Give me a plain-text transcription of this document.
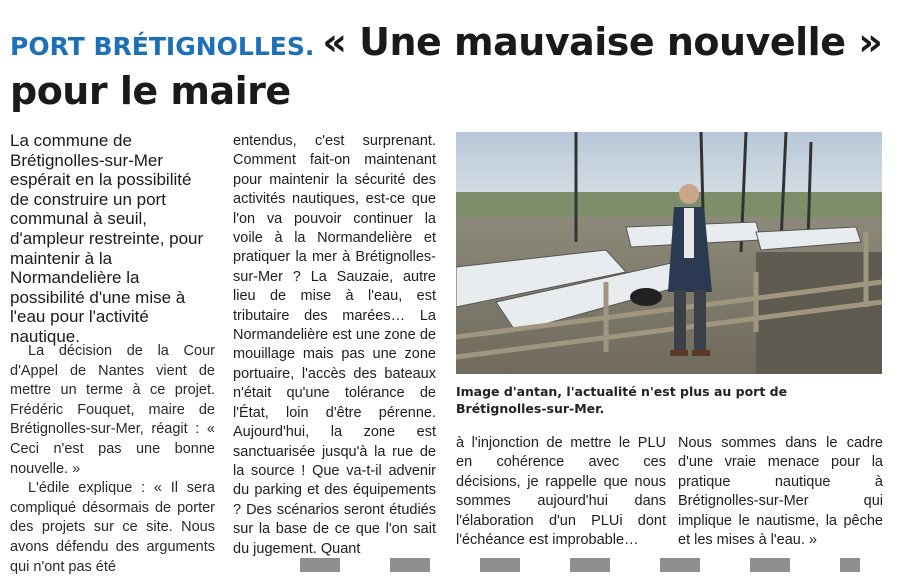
PORT BRÉTIGNOLLES. « Une mauvaise nouvelle » pour le maire

La commune de Brétignolles-sur-Mer espérait en la possibilité de construire un port communal à seuil, d'ampleur restreinte, pour maintenir à la Normandelière la possibilité d'une mise à l'eau pour l'activité nautique.

La décision de la Cour d'Appel de Nantes vient de mettre un terme à ce projet. Frédéric Fouquet, maire de Brétignolles-sur-Mer, réagit : « Ceci n'est pas une bonne nouvelle. »

L'édile explique : « Il sera compliqué désormais de porter des projets sur ce site. Nous avons défendu des arguments qui n'ont pas été

entendus, c'est surprenant. Comment fait-on maintenant pour maintenir la sécurité des activités nautiques, est-ce que l'on va pouvoir continuer la voile à la Normandelière et pratiquer la mer à Brétignolles-sur-Mer ? La Sauzaie, autre lieu de mise à l'eau, est tributaire des marées… La Normandelière est une zone de mouillage mais pas une zone portuaire, l'accès des bateaux n'était qu'une tolérance de l'État, loin d'être pérenne. Aujourd'hui, la zone est sanctuarisée jusqu'à la rue de la source ! Que va-t-il advenir du parking et des équipements ? Des scénarios seront étudiés sur la base de ce que l'on sait du jugement. Quant

Image d'antan, l'actualité n'est plus au port de Brétignolles-sur-Mer.

à l'injonction de mettre le PLU en cohérence avec ces décisions, je rappelle que nous sommes aujourd'hui dans l'élaboration d'un PLUi dont l'échéance est improbable…

Nous sommes dans le cadre d'une vraie menace pour la pratique nautique à Brétignolles-sur-Mer qui implique le nautisme, la pêche et les mises à l'eau. »
